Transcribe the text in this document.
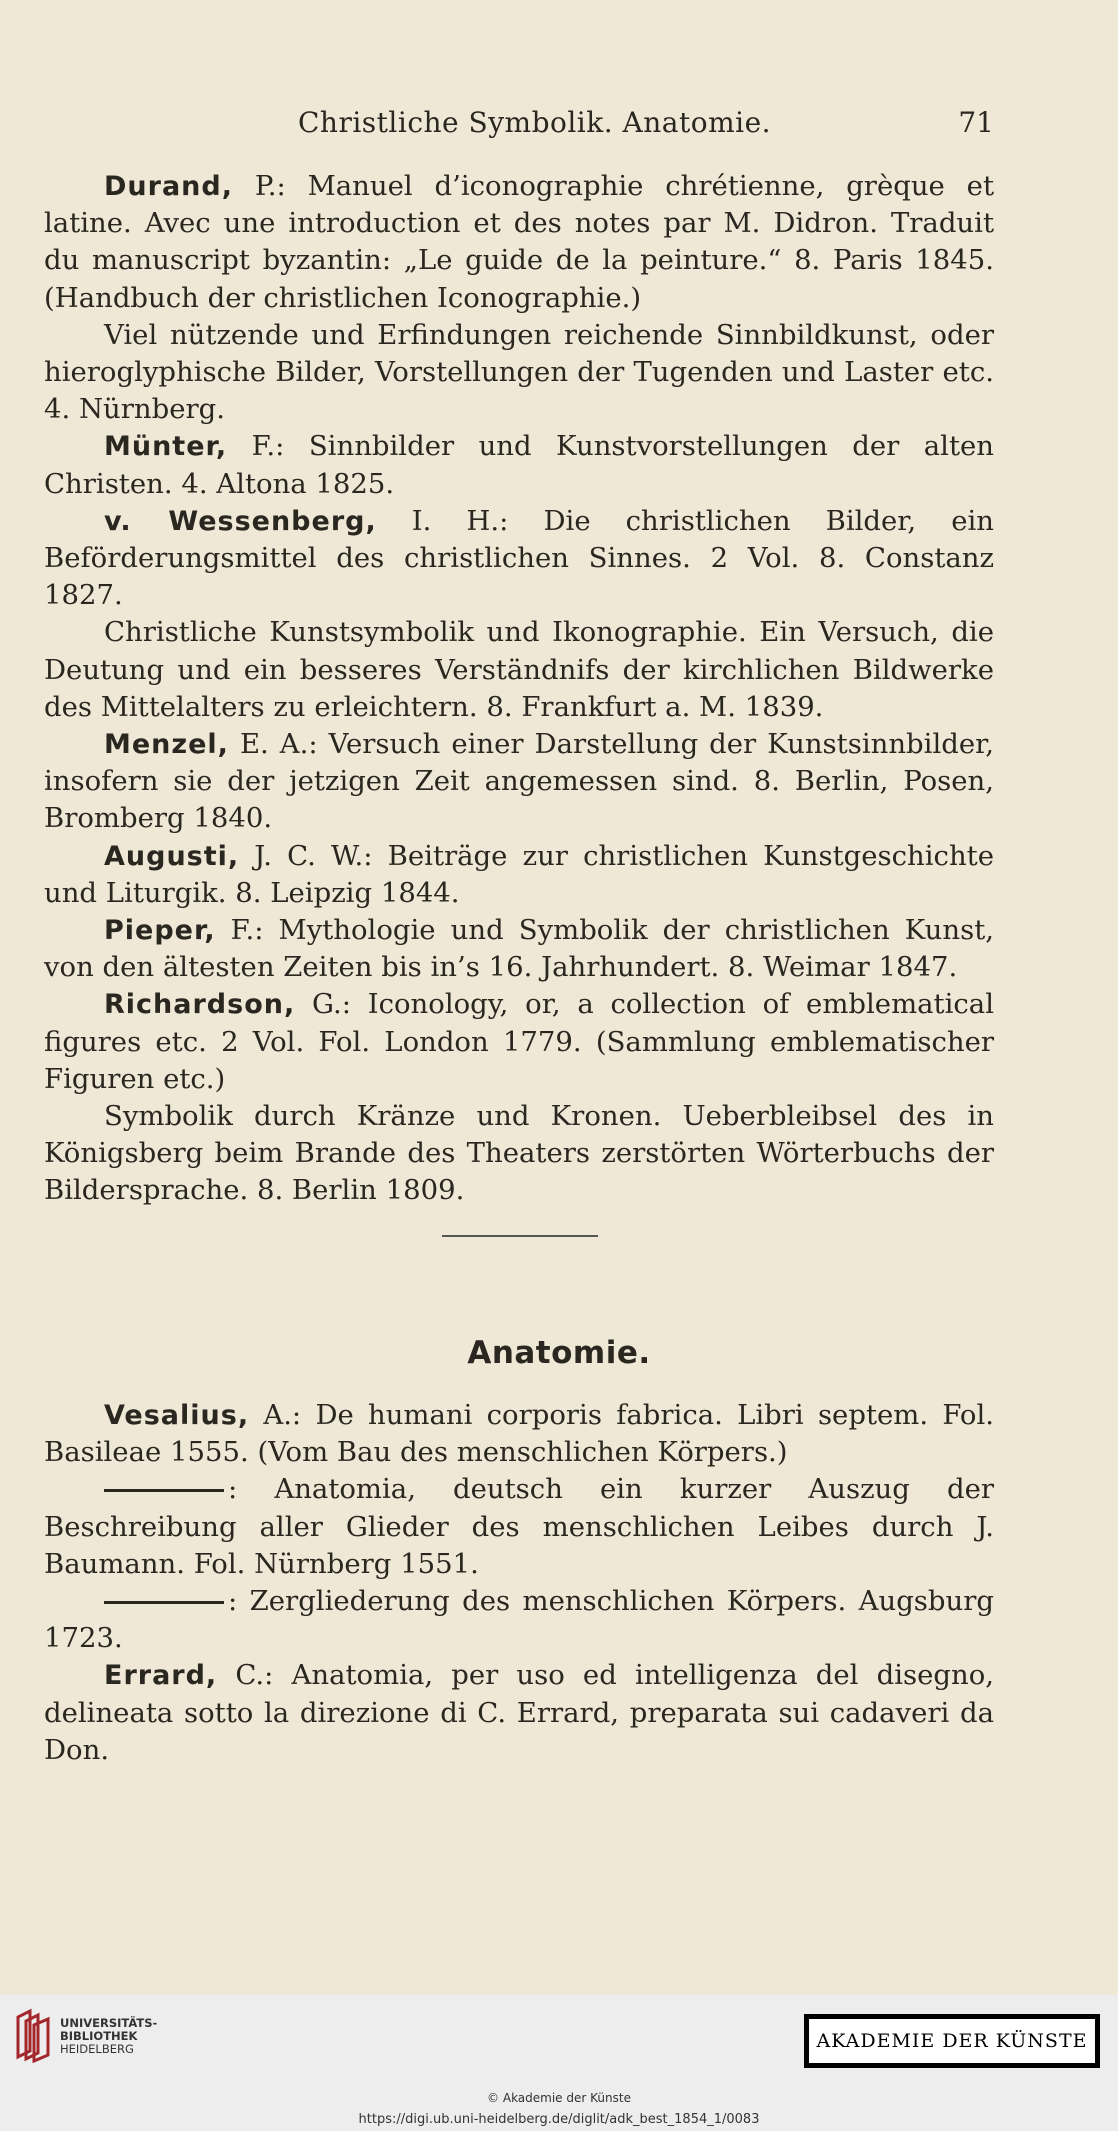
Christliche Symbolik. Anatomie.	71

Durand, P.: Manuel d’iconographie chrétienne, grèque et latine. Avec une introduction et des notes par M. Didron. Traduit du manuscript byzantin: „Le guide de la peinture.“ 8. Paris 1845. (Handbuch der christlichen Iconographie.)

Viel nützende und Erfindungen reichende Sinnbildkunst, oder hieroglyphische Bilder, Vorstellungen der Tugenden und Laster etc. 4. Nürnberg.

Münter, F.: Sinnbilder und Kunstvorstellungen der alten Christen. 4. Altona 1825.

v. Wessenberg, I. H.: Die christlichen Bilder, ein Beförderungsmittel des christlichen Sinnes. 2 Vol. 8. Constanz 1827.

Christliche Kunstsymbolik und Ikonographie. Ein Versuch, die Deutung und ein besseres Verständnifs der kirchlichen Bildwerke des Mittelalters zu erleichtern. 8. Frankfurt a. M. 1839.

Menzel, E. A.: Versuch einer Darstellung der Kunstsinnbilder, insofern sie der jetzigen Zeit angemessen sind. 8. Berlin, Posen, Bromberg 1840.

Augusti, J. C. W.: Beiträge zur christlichen Kunstgeschichte und Liturgik. 8. Leipzig 1844.

Pieper, F.: Mythologie und Symbolik der christlichen Kunst, von den ältesten Zeiten bis in’s 16. Jahrhundert. 8. Weimar 1847.

Richardson, G.: Iconology, or, a collection of emblematical figures etc. 2 Vol. Fol. London 1779. (Sammlung emblematischer Figuren etc.)

Symbolik durch Kränze und Kronen. Ueberbleibsel des in Königsberg beim Brande des Theaters zerstörten Wörterbuchs der Bildersprache. 8. Berlin 1809.

Anatomie.

Vesalius, A.: De humani corporis fabrica. Libri septem. Fol. Basileae 1555. (Vom Bau des menschlichen Körpers.)

: Anatomia, deutsch ein kurzer Auszug der Beschreibung aller Glieder des menschlichen Leibes durch J. Baumann. Fol. Nürnberg 1551.

: Zergliederung des menschlichen Körpers. Augsburg 1723.

Errard, C.: Anatomia, per uso ed intelligenza del disegno, delineata sotto la direzione di C. Errard, preparata sui cadaveri da Don.

UNIVERSITÄTS-
BIBLIOTHEK
HEIDELBERG	AKADEMIE DER KÜNSTE
© Akademie der Künste
https://digi.ub.uni-heidelberg.de/diglit/adk_best_1854_1/0083
